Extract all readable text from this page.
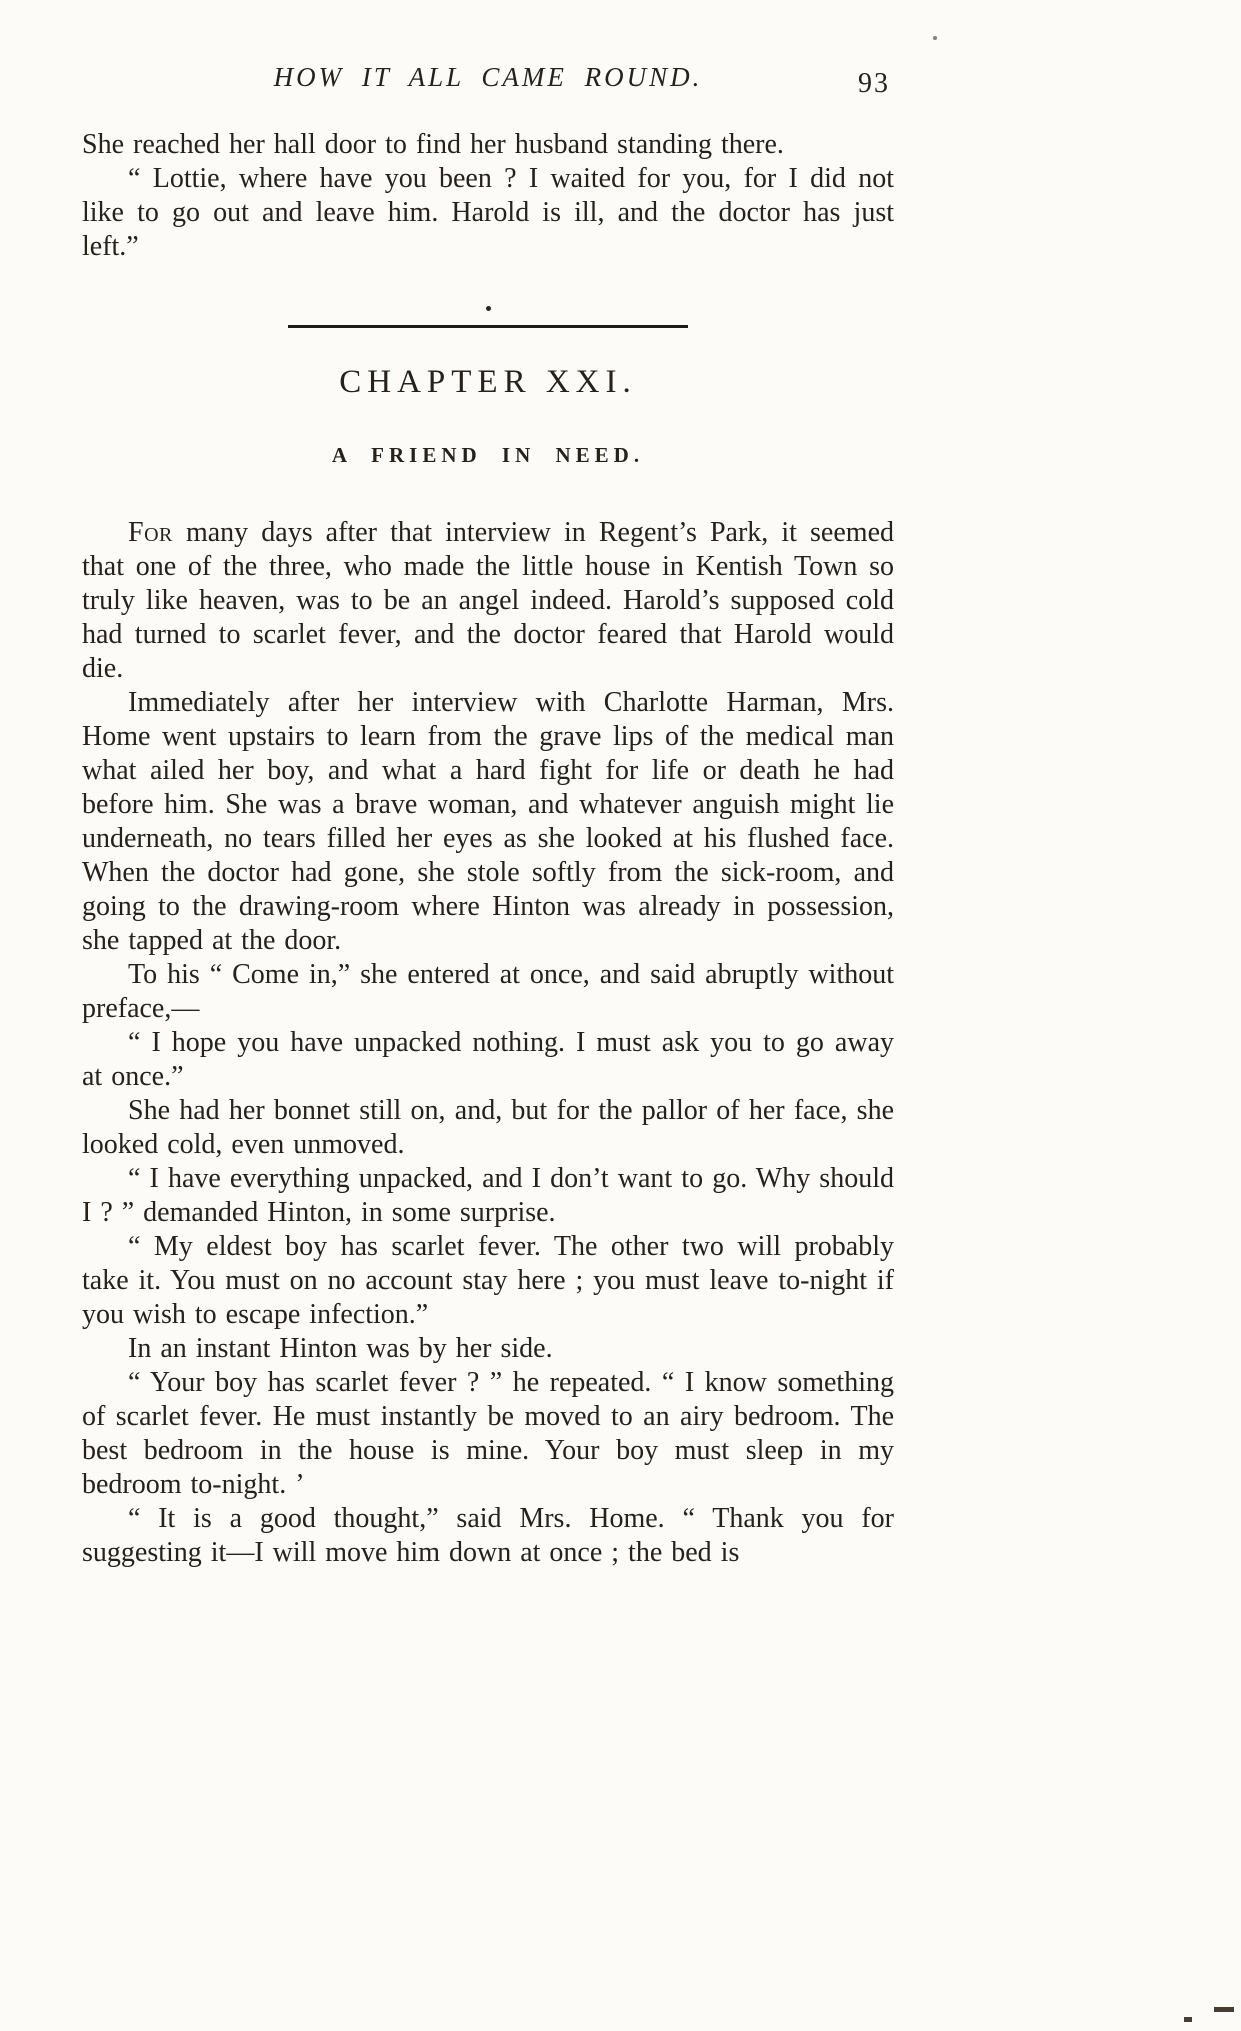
HOW IT ALL CAME ROUND.	93

She reached her hall door to find her husband standing there.

“ Lottie, where have you been ? I waited for you, for I did not like to go out and leave him. Harold is ill, and the doctor has just left.”

CHAPTER XXI.
A FRIEND IN NEED.

For many days after that interview in Regent’s Park, it seemed that one of the three, who made the little house in Kentish Town so truly like heaven, was to be an angel indeed. Harold’s supposed cold had turned to scarlet fever, and the doctor feared that Harold would die.

Immediately after her interview with Charlotte Harman, Mrs. Home went upstairs to learn from the grave lips of the medical man what ailed her boy, and what a hard fight for life or death he had before him. She was a brave woman, and whatever anguish might lie underneath, no tears filled her eyes as she looked at his flushed face. When the doctor had gone, she stole softly from the sick-room, and going to the drawing-room where Hinton was already in possession, she tapped at the door.

To his “ Come in,” she entered at once, and said abruptly without preface,—

“ I hope you have unpacked nothing. I must ask you to go away at once.”

She had her bonnet still on, and, but for the pallor of her face, she looked cold, even unmoved.

“ I have everything unpacked, and I don’t want to go. Why should I ? ” demanded Hinton, in some surprise.

“ My eldest boy has scarlet fever. The other two will probably take it. You must on no account stay here ; you must leave to-night if you wish to escape infection.”

In an instant Hinton was by her side.

“ Your boy has scarlet fever ? ” he repeated. “ I know something of scarlet fever. He must instantly be moved to an airy bedroom. The best bedroom in the house is mine. Your boy must sleep in my bedroom to-night. ’

“ It is a good thought,” said Mrs. Home. “ Thank you for suggesting it—I will move him down at once ; the bed is
